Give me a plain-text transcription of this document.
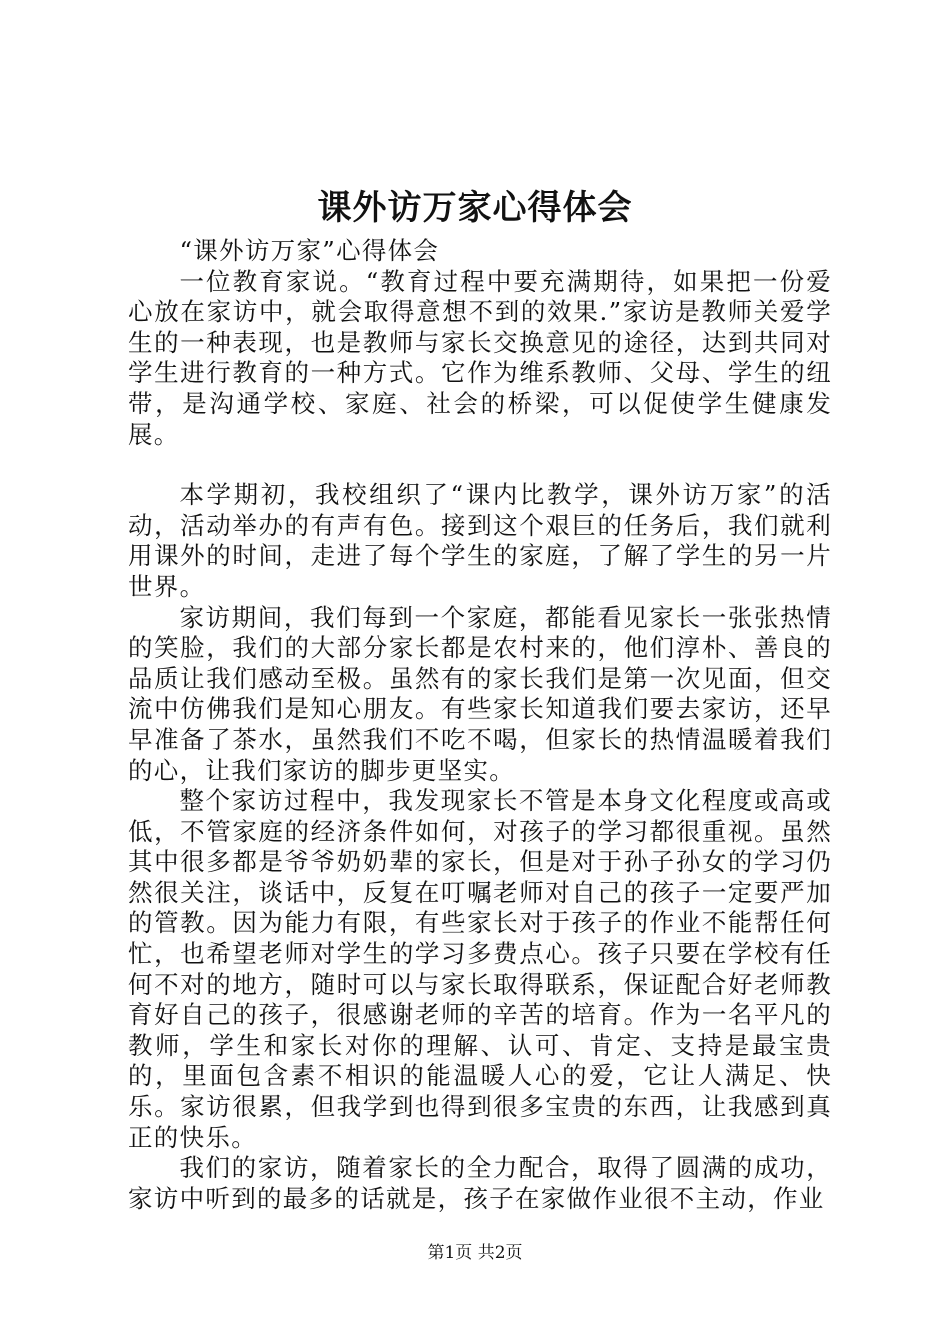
课外访万家心得体会

“课外访万家”心得体会

一位教育家说。“教育过程中要充满期待，如果把一份爱心放在家访中，就会取得意想不到的效果.”家访是教师关爱学生的一种表现，也是教师与家长交换意见的途径，达到共同对学生进行教育的一种方式。它作为维系教师、父母、学生的纽带，是沟通学校、家庭、社会的桥梁，可以促使学生健康发展。

本学期初，我校组织了“课内比教学，课外访万家”的活动，活动举办的有声有色。接到这个艰巨的任务后，我们就利用课外的时间，走进了每个学生的家庭，了解了学生的另一片世界。

家访期间，我们每到一个家庭，都能看见家长一张张热情的笑脸，我们的大部分家长都是农村来的，他们淳朴、善良的品质让我们感动至极。虽然有的家长我们是第一次见面，但交流中仿佛我们是知心朋友。有些家长知道我们要去家访，还早早准备了茶水，虽然我们不吃不喝，但家长的热情温暖着我们的心，让我们家访的脚步更坚实。

整个家访过程中，我发现家长不管是本身文化程度或高或低，不管家庭的经济条件如何，对孩子的学习都很重视。虽然其中很多都是爷爷奶奶辈的家长，但是对于孙子孙女的学习仍然很关注，谈话中，反复在叮嘱老师对自己的孩子一定要严加的管教。因为能力有限，有些家长对于孩子的作业不能帮任何忙，也希望老师对学生的学习多费点心。孩子只要在学校有任何不对的地方，随时可以与家长取得联系，保证配合好老师教育好自己的孩子，很感谢老师的辛苦的培育。作为一名平凡的教师，学生和家长对你的理解、认可、肯定、支持是最宝贵的，里面包含素不相识的能温暖人心的爱，它让人满足、快乐。家访很累，但我学到也得到很多宝贵的东西，让我感到真正的快乐。

我们的家访，随着家长的全力配合，取得了圆满的成功，家访中听到的最多的话就是，孩子在家做作业很不主动，作业

第1页 共2页
